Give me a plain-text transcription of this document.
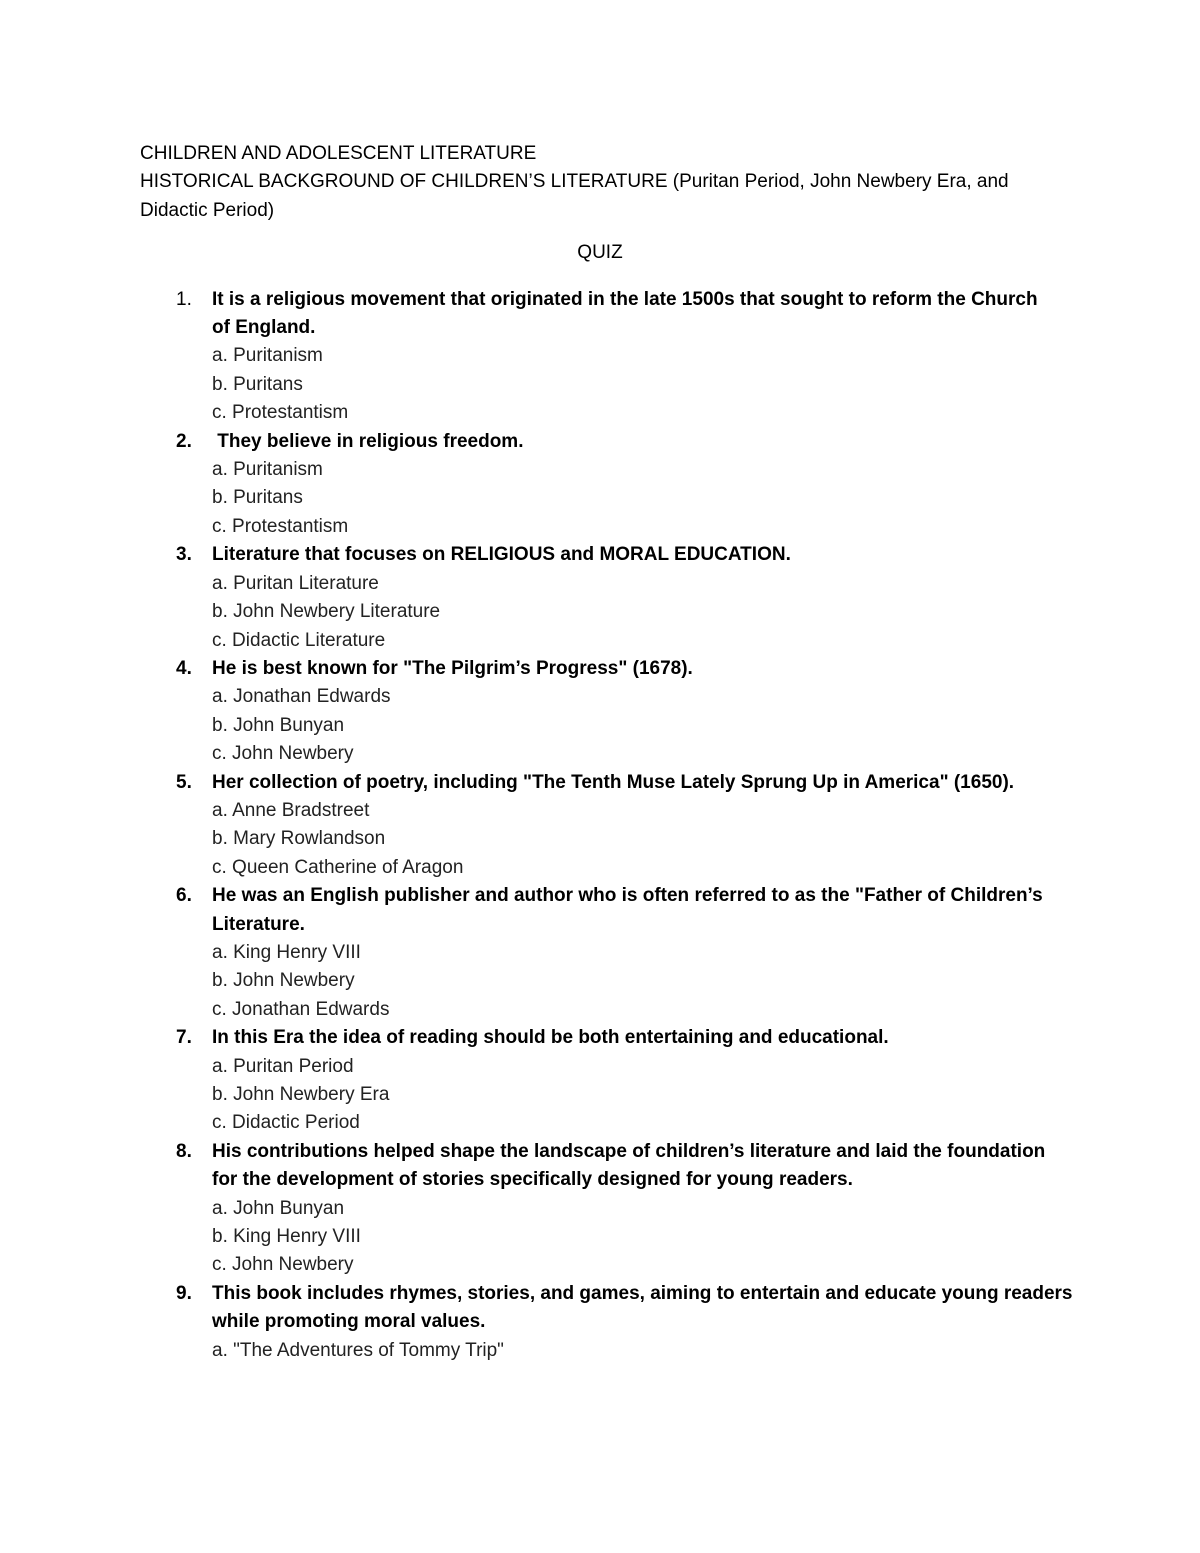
CHILDREN AND ADOLESCENT LITERATURE

HISTORICAL BACKGROUND OF CHILDREN’S LITERATURE (Puritan Period, John Newbery Era, and

Didactic Period)

QUIZ

1. It is a religious movement that originated in the late 1500s that sought to reform the Church

of England.

a. Puritanism

b. Puritans

c. Protestantism

2. They believe in religious freedom.

a. Puritanism

b. Puritans

c. Protestantism

3. Literature that focuses on RELIGIOUS and MORAL EDUCATION.

a. Puritan Literature

b. John Newbery Literature

c. Didactic Literature

4. He is best known for "The Pilgrim’s Progress" (1678).

a. Jonathan Edwards

b. John Bunyan

c. John Newbery

5. Her collection of poetry, including "The Tenth Muse Lately Sprung Up in America" (1650).

a. Anne Bradstreet

b. Mary Rowlandson

c. Queen Catherine of Aragon

6. He was an English publisher and author who is often referred to as the "Father of Children’s

Literature.

a. King Henry VIII

b. John Newbery

c. Jonathan Edwards

7. In this Era the idea of reading should be both entertaining and educational.

a. Puritan Period

b. John Newbery Era

c. Didactic Period

8. His contributions helped shape the landscape of children’s literature and laid the foundation

for the development of stories specifically designed for young readers.

a. John Bunyan

b. King Henry VIII

c. John Newbery

9. This book includes rhymes, stories, and games, aiming to entertain and educate young readers

while promoting moral values.

a. "The Adventures of Tommy Trip"
